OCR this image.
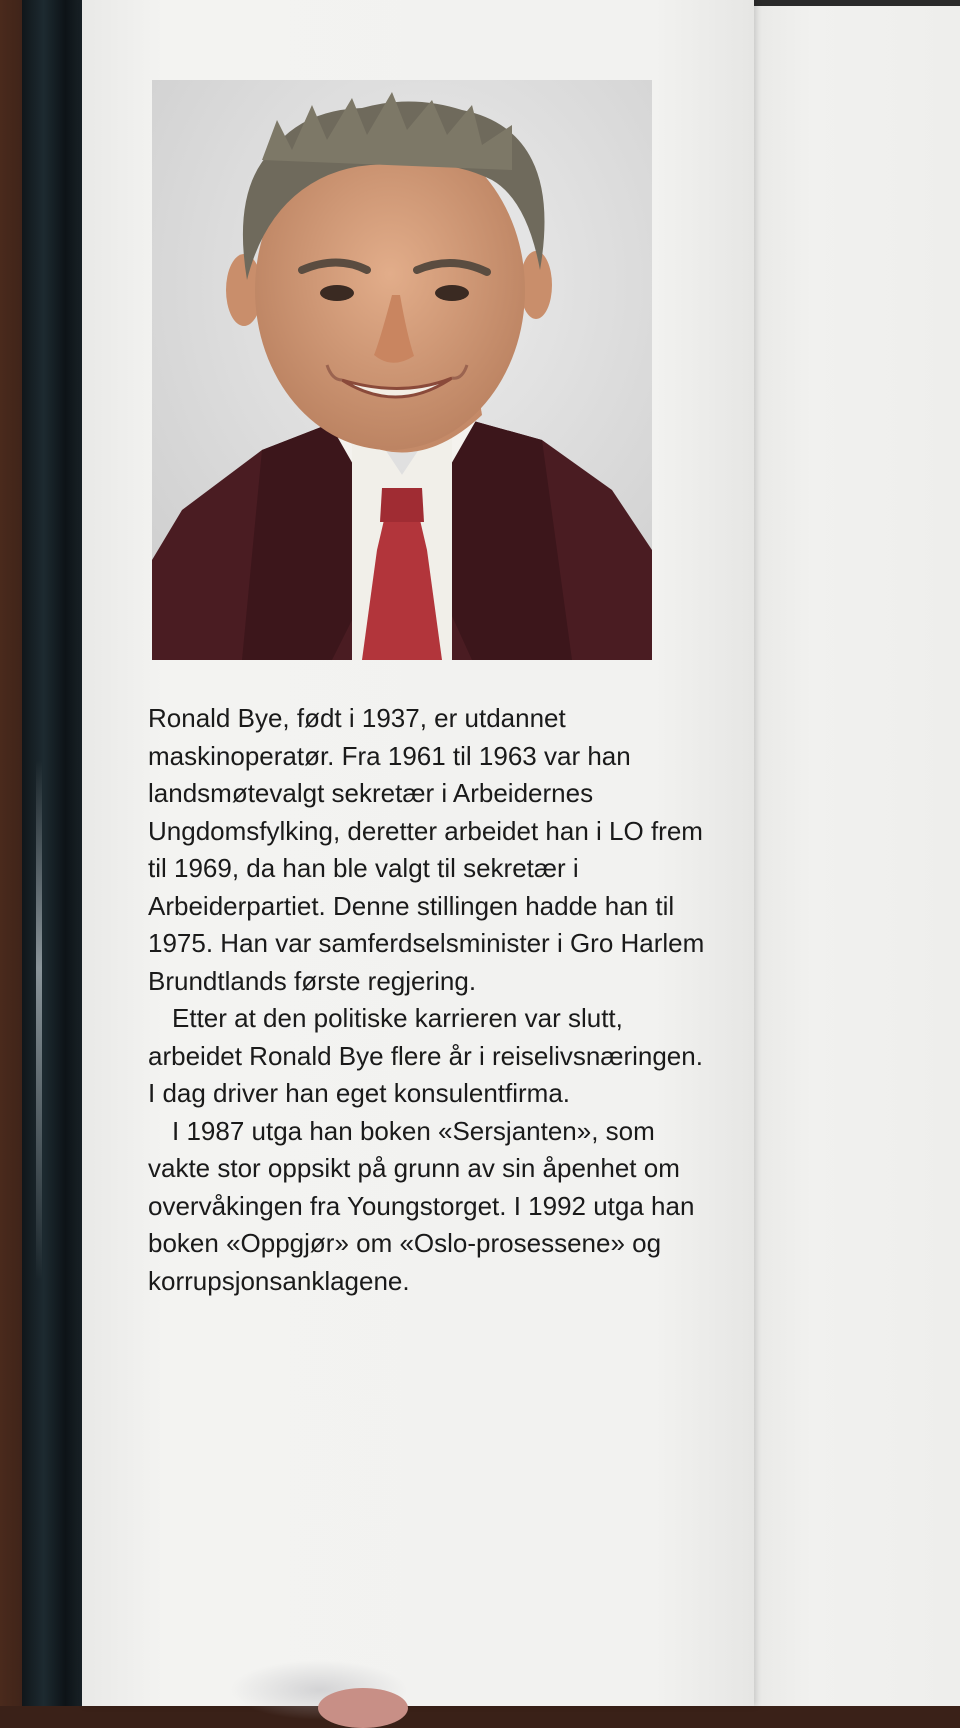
Ronald Bye, født i 1937, er utdannet maskinoperatør. Fra 1961 til 1963 var han landsmøtevalgt sekretær i Arbeidernes Ungdomsfylking, deretter arbeidet han i LO frem til 1969, da han ble valgt til sekretær i Arbeiderpartiet. Denne stillingen hadde han til 1975. Han var samferdselsminister i Gro Harlem Brundtlands første regjering.

Etter at den politiske karrieren var slutt, arbeidet Ronald Bye flere år i reiselivsnæringen. I dag driver han eget konsulentfirma.

I 1987 utga han boken «Sersjanten», som vakte stor oppsikt på grunn av sin åpenhet om overvåkingen fra Youngstorget. I 1992 utga han boken «Oppgjør» om «Oslo-prosessene» og korrupsjonsanklagene.
